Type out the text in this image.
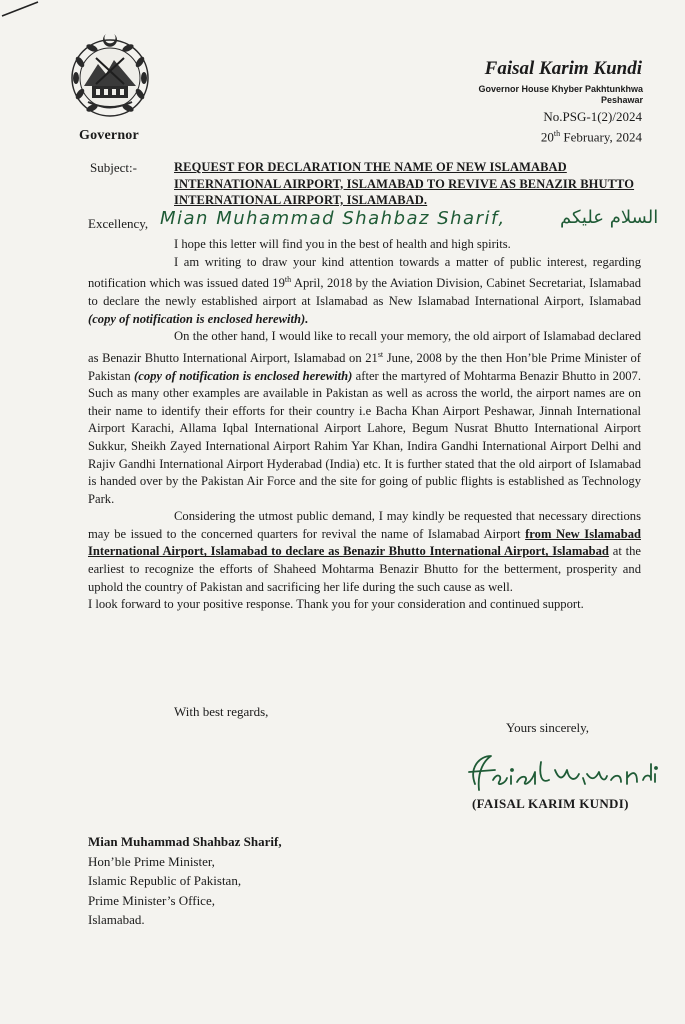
Governor
Faisal Karim Kundi
Governor House Khyber Pakhtunkhwa
Peshawar
No.PSG-1(2)/2024
20th February, 2024
Subject:-	REQUEST FOR DECLARATION THE NAME OF NEW ISLAMABAD INTERNATIONAL AIRPORT, ISLAMABAD TO REVIVE AS BENAZIR BHUTTO INTERNATIONAL AIRPORT, ISLAMABAD.
Excellency, Mian Muhammad Shahbaz Sharif,	السلام علیکم

I hope this letter will find you in the best of health and high spirits.

I am writing to draw your kind attention towards a matter of public interest, regarding notification which was issued dated 19th April, 2018 by the Aviation Division, Cabinet Secretariat, Islamabad to declare the newly established airport at Islamabad as New Islamabad International Airport, Islamabad (copy of notification is enclosed herewith).

On the other hand, I would like to recall your memory, the old airport of Islamabad declared as Benazir Bhutto International Airport, Islamabad on 21st June, 2008 by the then Hon’ble Prime Minister of Pakistan (copy of notification is enclosed herewith) after the martyred of Mohtarma Benazir Bhutto in 2007. Such as many other examples are available in Pakistan as well as across the world, the airport names are on their name to identify their efforts for their country i.e Bacha Khan Airport Peshawar, Jinnah International Airport Karachi, Allama Iqbal International Airport Lahore, Begum Nusrat Bhutto International Airport Sukkur, Sheikh Zayed International Airport Rahim Yar Khan, Indira Gandhi International Airport Delhi and Rajiv Gandhi International Airport Hyderabad (India) etc. It is further stated that the old airport of Islamabad is handed over by the Pakistan Air Force and the site for going of public flights is established as Technology Park.

Considering the utmost public demand, I may kindly be requested that necessary directions may be issued to the concerned quarters for revival the name of Islamabad Airport from New Islamabad International Airport, Islamabad to declare as Benazir Bhutto International Airport, Islamabad at the earliest to recognize the efforts of Shaheed Mohtarma Benazir Bhutto for the betterment, prosperity and uphold the country of Pakistan and sacrificing her life during the such cause as well.

I look forward to your positive response. Thank you for your consideration and continued support.

With best regards,
Yours sincerely,
(FAISAL KARIM KUNDI)
Mian Muhammad Shahbaz Sharif,
Hon’ble Prime Minister,
Islamic Republic of Pakistan,
Prime Minister’s Office,
Islamabad.
